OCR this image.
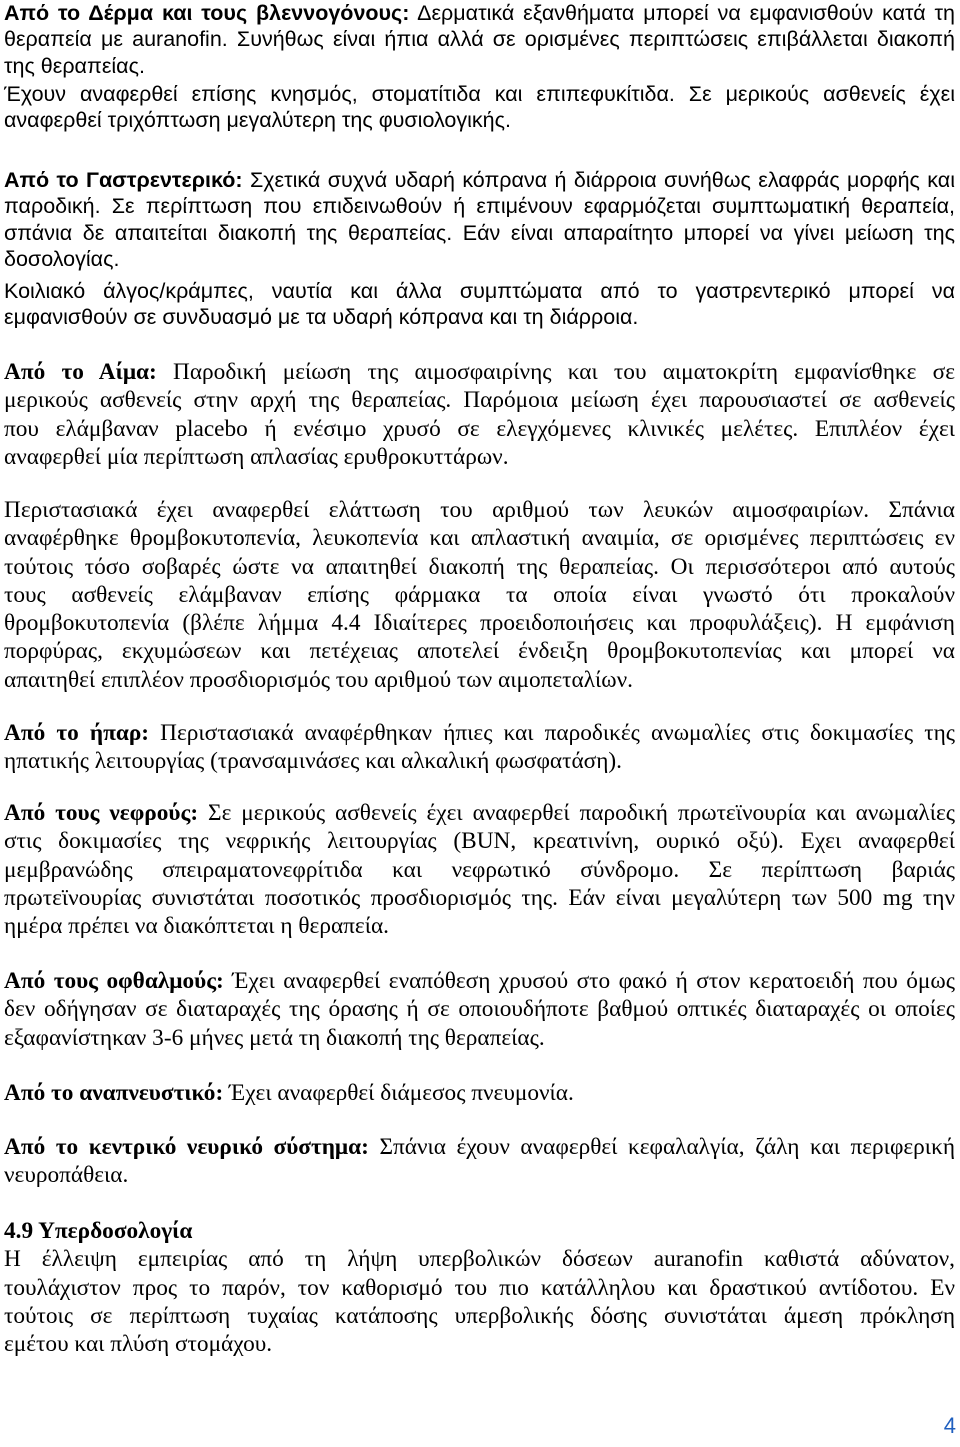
Από το Δέρμα και τους βλεννογόνους: Δερματικά εξανθήματα μπορεί να εμφανισθούν κατά τη
θεραπεία με auranofin. Συνήθως είναι ήπια αλλά σε ορισμένες περιπτώσεις επιβάλλεται διακοπή
της θεραπείας.
Έχουν αναφερθεί επίσης κνησμός, στοματίτιδα και επιπεφυκίτιδα. Σε μερικούς ασθενείς έχει
αναφερθεί τριχόπτωση μεγαλύτερη της φυσιολογικής.
Από το Γαστρεντερικό: Σχετικά συχνά υδαρή κόπρανα ή διάρροια συνήθως ελαφράς μορφής και
παροδική. Σε περίπτωση που επιδεινωθούν ή επιμένουν εφαρμόζεται συμπτωματική θεραπεία,
σπάνια δε απαιτείται διακοπή της θεραπείας. Εάν είναι απαραίτητο μπορεί να γίνει μείωση της
δοσολογίας.
Κοιλιακό άλγος/κράμπες, ναυτία και άλλα συμπτώματα από το γαστρεντερικό μπορεί να
εμφανισθούν σε συνδυασμό με τα υδαρή κόπρανα και τη διάρροια.
Από το Αίμα: Παροδική μείωση της αιμοσφαιρίνης και του αιματοκρίτη εμφανίσθηκε σε
μερικούς ασθενείς στην αρχή της θεραπείας. Παρόμοια μείωση έχει παρουσιαστεί σε ασθενείς
που ελάμβαναν placebo ή ενέσιμο χρυσό σε ελεγχόμενες κλινικές μελέτες. Επιπλέον έχει
αναφερθεί μία περίπτωση απλασίας ερυθροκυττάρων.
Περιστασιακά έχει αναφερθεί ελάττωση του αριθμού των λευκών αιμοσφαιρίων. Σπάνια
αναφέρθηκε θρομβοκυτοπενία, λευκοπενία και απλαστική αναιμία, σε ορισμένες περιπτώσεις εν
τούτοις τόσο σοβαρές ώστε να απαιτηθεί διακοπή της θεραπείας. Οι περισσότεροι από αυτούς
τους ασθενείς ελάμβαναν επίσης φάρμακα τα οποία είναι γνωστό ότι προκαλούν
θρομβοκυτοπενία (βλέπε λήμμα 4.4 Ιδιαίτερες προειδοποιήσεις και προφυλάξεις). Η εμφάνιση
πορφύρας, εκχυμώσεων και πετέχειας αποτελεί ένδειξη θρομβοκυτοπενίας και μπορεί να
απαιτηθεί επιπλέον προσδιορισμός του αριθμού των αιμοπεταλίων.
Από το ήπαρ: Περιστασιακά αναφέρθηκαν ήπιες και παροδικές ανωμαλίες στις δοκιμασίες της
ηπατικής λειτουργίας (τρανσαμινάσες και αλκαλική φωσφατάση).
Από τους νεφρούς: Σε μερικούς ασθενείς έχει αναφερθεί παροδική πρωτεϊνουρία και ανωμαλίες
στις δοκιμασίες της νεφρικής λειτουργίας (BUN, κρεατινίνη, ουρικό οξύ). Εχει αναφερθεί
μεμβρανώδης σπειραματονεφρίτιδα και νεφρωτικό σύνδρομο. Σε περίπτωση βαριάς
πρωτεϊνουρίας συνιστάται ποσοτικός προσδιορισμός της. Εάν είναι μεγαλύτερη των 500 mg την
ημέρα πρέπει να διακόπτεται η θεραπεία.
Από τους οφθαλμούς: Έχει αναφερθεί εναπόθεση χρυσού στο φακό ή στον κερατοειδή που όμως
δεν οδήγησαν σε διαταραχές της όρασης ή σε οποιουδήποτε βαθμού οπτικές διαταραχές οι οποίες
εξαφανίστηκαν 3-6 μήνες μετά τη διακοπή της θεραπείας.
Από το αναπνευστικό: Έχει αναφερθεί διάμεσος πνευμονία.
Από το κεντρικό νευρικό σύστημα: Σπάνια έχουν αναφερθεί κεφαλαλγία, ζάλη και περιφερική
νευροπάθεια.
4.9 Υπερδοσολογία
Η έλλειψη εμπειρίας από τη λήψη υπερβολικών δόσεων auranofin καθιστά αδύνατον,
τουλάχιστον προς το παρόν, τον καθορισμό του πιο κατάλληλου και δραστικού αντίδοτου. Εν
τούτοις σε περίπτωση τυχαίας κατάποσης υπερβολικής δόσης συνιστάται άμεση πρόκληση
εμέτου και πλύση στομάχου.
4
